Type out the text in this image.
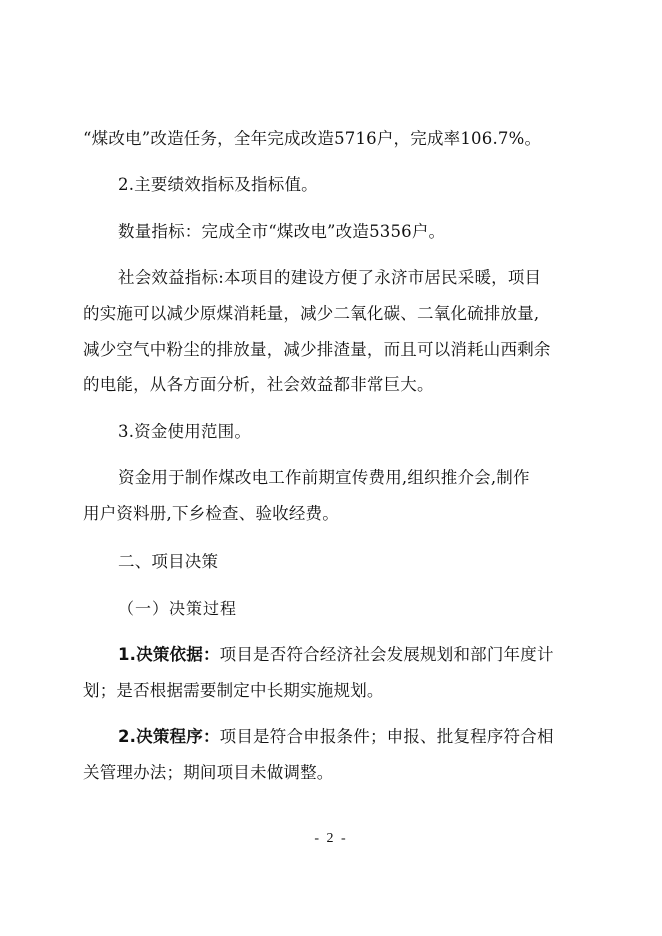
“煤改电”改造任务，全年完成改造5716户，完成率106.7%。
2.主要绩效指标及指标值。
数量指标：完成全市“煤改电”改造5356户。
社会效益指标:本项目的建设方便了永济市居民采暖，项目
的实施可以减少原煤消耗量，减少二氧化碳、二氧化硫排放量,
减少空气中粉尘的排放量，减少排渣量，而且可以消耗山西剩余
的电能，从各方面分析，社会效益都非常巨大。
3.资金使用范围。
资金用于制作煤改电工作前期宣传费用,组织推介会,制作
用户资料册,下乡检查、验收经费。
二、项目决策
（一）决策过程
1.决策依据：项目是否符合经济社会发展规划和部门年度计
划；是否根据需要制定中长期实施规划。
2.决策程序：项目是符合申报条件；申报、批复程序符合相
关管理办法；期间项目未做调整。
- 2 -
